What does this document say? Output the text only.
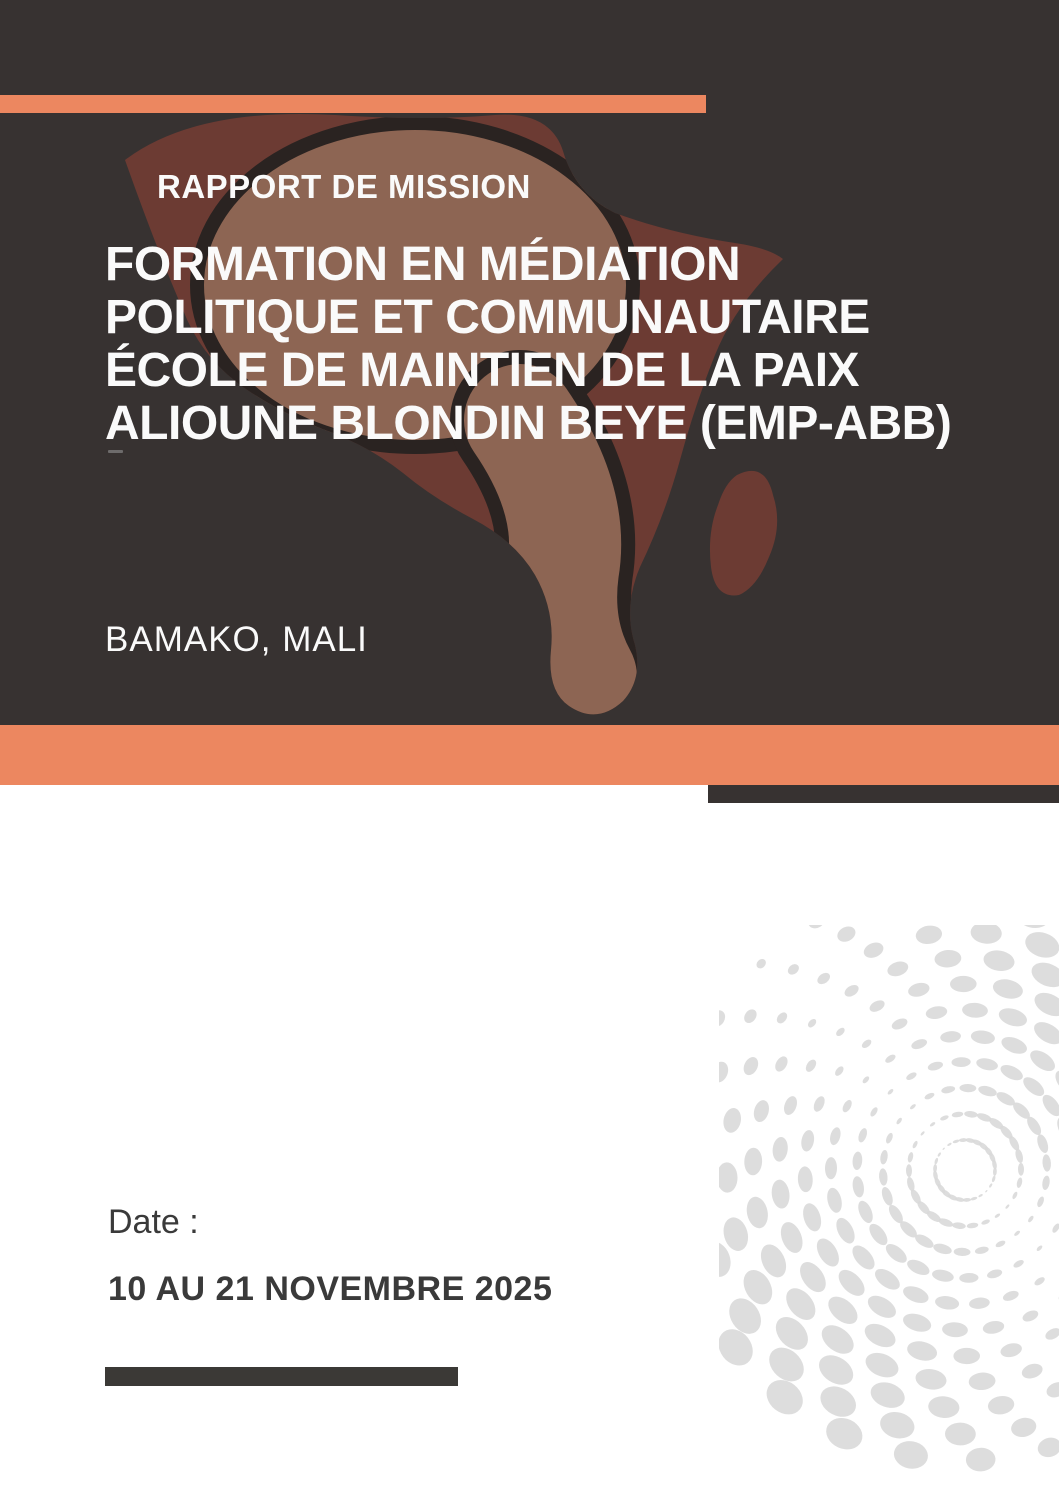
RAPPORT DE MISSION
FORMATION EN MÉDIATION
POLITIQUE ET COMMUNAUTAIRE
ÉCOLE DE MAINTIEN DE LA PAIX
ALIOUNE BLONDIN BEYE (EMP-ABB)
BAMAKO, MALI
Date :
10 AU 21 NOVEMBRE 2025
